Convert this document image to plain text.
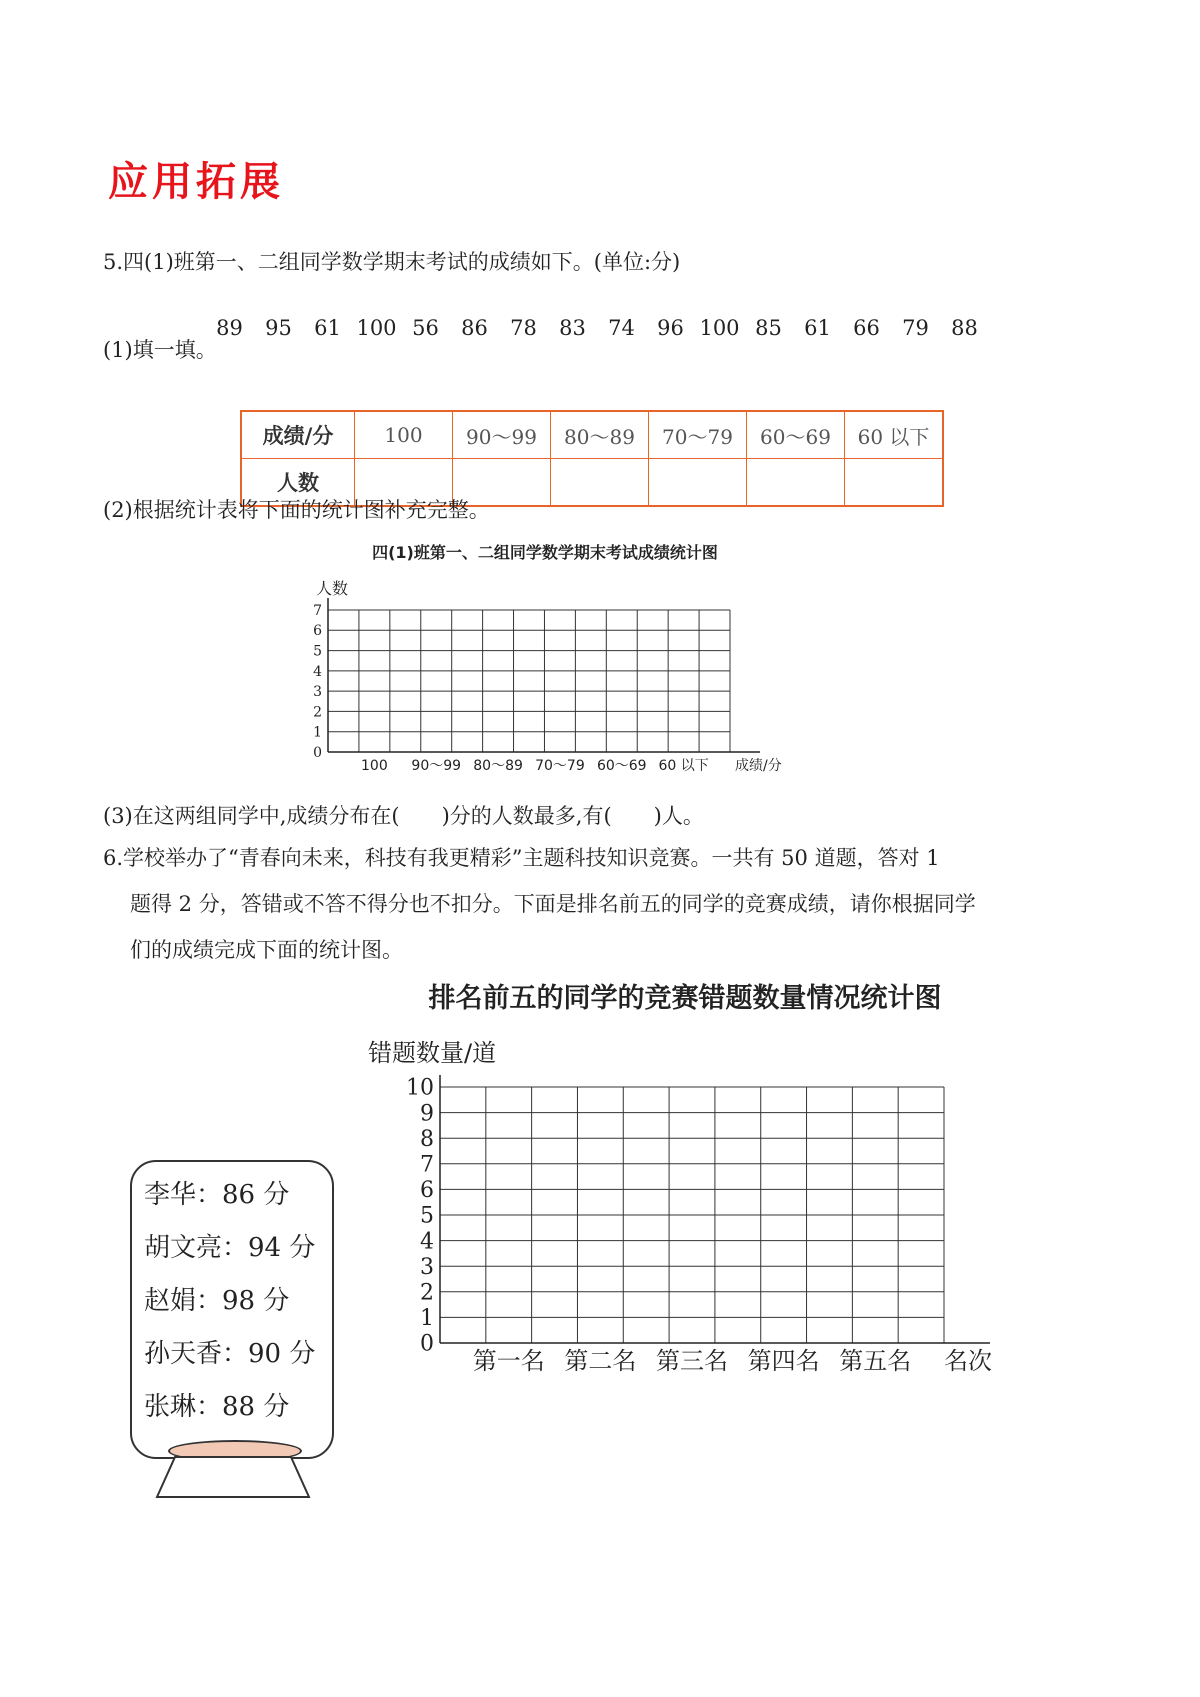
应用拓展
5.四(1)班第一、二组同学数学期末考试的成绩如下。(单位:分)
89	95	61 100 56	86	78	83	74	96 100 85	61	66	79	88
(1)填一填。
成绩/分	100	90～99	80～89	70～79	60～69	60 以下
人数						
(2)根据统计表将下面的统计图补充完整。
四(1)班第一、二组同学数学期末考试成绩统计图
人数
0
1
2
3
4
5
6
7
100 90～99 80～89 70～79 60～69 60 以下 成绩/分
(3)在这两组同学中,成绩分布在(　　)分的人数最多,有(　　)人。
6.学校举办了“青春向未来，科技有我更精彩”主题科技知识竞赛。一共有 50 道题，答对 1
题得 2 分，答错或不答不得分也不扣分。下面是排名前五的同学的竞赛成绩，请你根据同学
们的成绩完成下面的统计图。
李华：86 分
胡文亮：94 分
赵娟：98 分
孙天香：90 分
张琳：88 分
排名前五的同学的竞赛错题数量情况统计图
错题数量/道
0
1
2
3
4
5
6
7
8
9
10
第一名 第二名 第三名 第四名 第五名 名次
